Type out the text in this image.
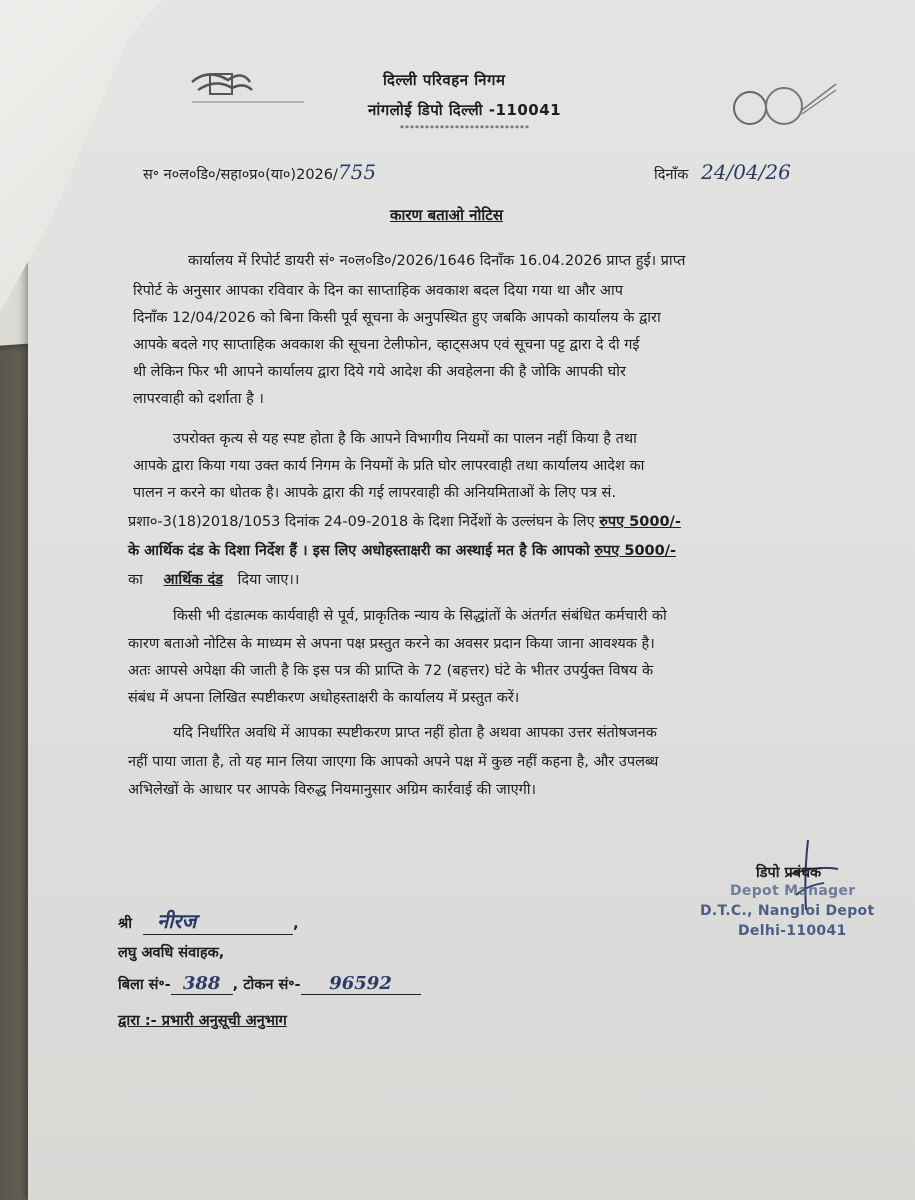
दिल्ली परिवहन निगम
नांगलोई डिपो दिल्ली -110041
**************************
स॰ न०ल०डि०/सहा०प्र०(या०)2026/755	दिनाँक 24/04/26
कारण बताओ नोटिस
कार्यालय में रिपोर्ट डायरी सं॰ न०ल०डि०/2026/1646 दिनाँक 16.04.2026 प्राप्त हुई। प्राप्त
रिपोर्ट के अनुसार आपका रविवार के दिन का साप्ताहिक अवकाश बदल दिया गया था और आप
दिनाँक 12/04/2026 को बिना किसी पूर्व सूचना के अनुपस्थित हुए जबकि आपको कार्यालय के द्वारा
आपके बदले गए साप्ताहिक अवकाश की सूचना टेलीफोन, व्हाट्सअप एवं सूचना पट्ट द्वारा दे दी गई
थी लेकिन फिर भी आपने कार्यालय द्वारा दिये गये आदेश की अवहेलना की है जोकि आपकी घोर
लापरवाही को दर्शाता है ।
उपरोक्त कृत्य से यह स्पष्ट होता है कि आपने विभागीय नियमों का पालन नहीं किया है तथा
आपके द्वारा किया गया उक्त कार्य निगम के नियमों के प्रति घोर लापरवाही तथा कार्यालय आदेश का
पालन न करने का धोतक है। आपके द्वारा की गई लापरवाही की अनियमिताओं के लिए पत्र सं.
प्रशा०-3(18)2018/1053 दिनांक 24-09-2018 के दिशा निर्देशों के उल्लंघन के लिए रुपए 5000/-
के आर्थिक दंड के दिशा निर्देश हैं । इस लिए अधोहस्ताक्षरी का अस्थाई मत है कि आपको रुपए 5000/-
का आर्थिक दंड दिया जाए।।
किसी भी दंडात्मक कार्यवाही से पूर्व, प्राकृतिक न्याय के सिद्धांतों के अंतर्गत संबंधित कर्मचारी को
कारण बताओ नोटिस के माध्यम से अपना पक्ष प्रस्तुत करने का अवसर प्रदान किया जाना आवश्यक है।
अतः आपसे अपेक्षा की जाती है कि इस पत्र की प्राप्ति के 72 (बहत्तर) घंटे के भीतर उपर्युक्त विषय के
संबंध में अपना लिखित स्पष्टीकरण अधोहस्ताक्षरी के कार्यालय में प्रस्तुत करें।
यदि निर्धारित अवधि में आपका स्पष्टीकरण प्राप्त नहीं होता है अथवा आपका उत्तर संतोषजनक
नहीं पाया जाता है, तो यह मान लिया जाएगा कि आपको अपने पक्ष में कुछ नहीं कहना है, और उपलब्ध
अभिलेखों के आधार पर आपके विरुद्ध नियमानुसार अग्रिम कार्रवाई की जाएगी।
डिपो प्रबंधक
Depot Manager
D.T.C., Nangloi Depot
Delhi-110041
श्री नीरज	,
लघु अवधि संवाहक,
बिला सं॰- 388 , टोकन सं॰- 96592
द्वारा :- प्रभारी अनुसूची अनुभाग
